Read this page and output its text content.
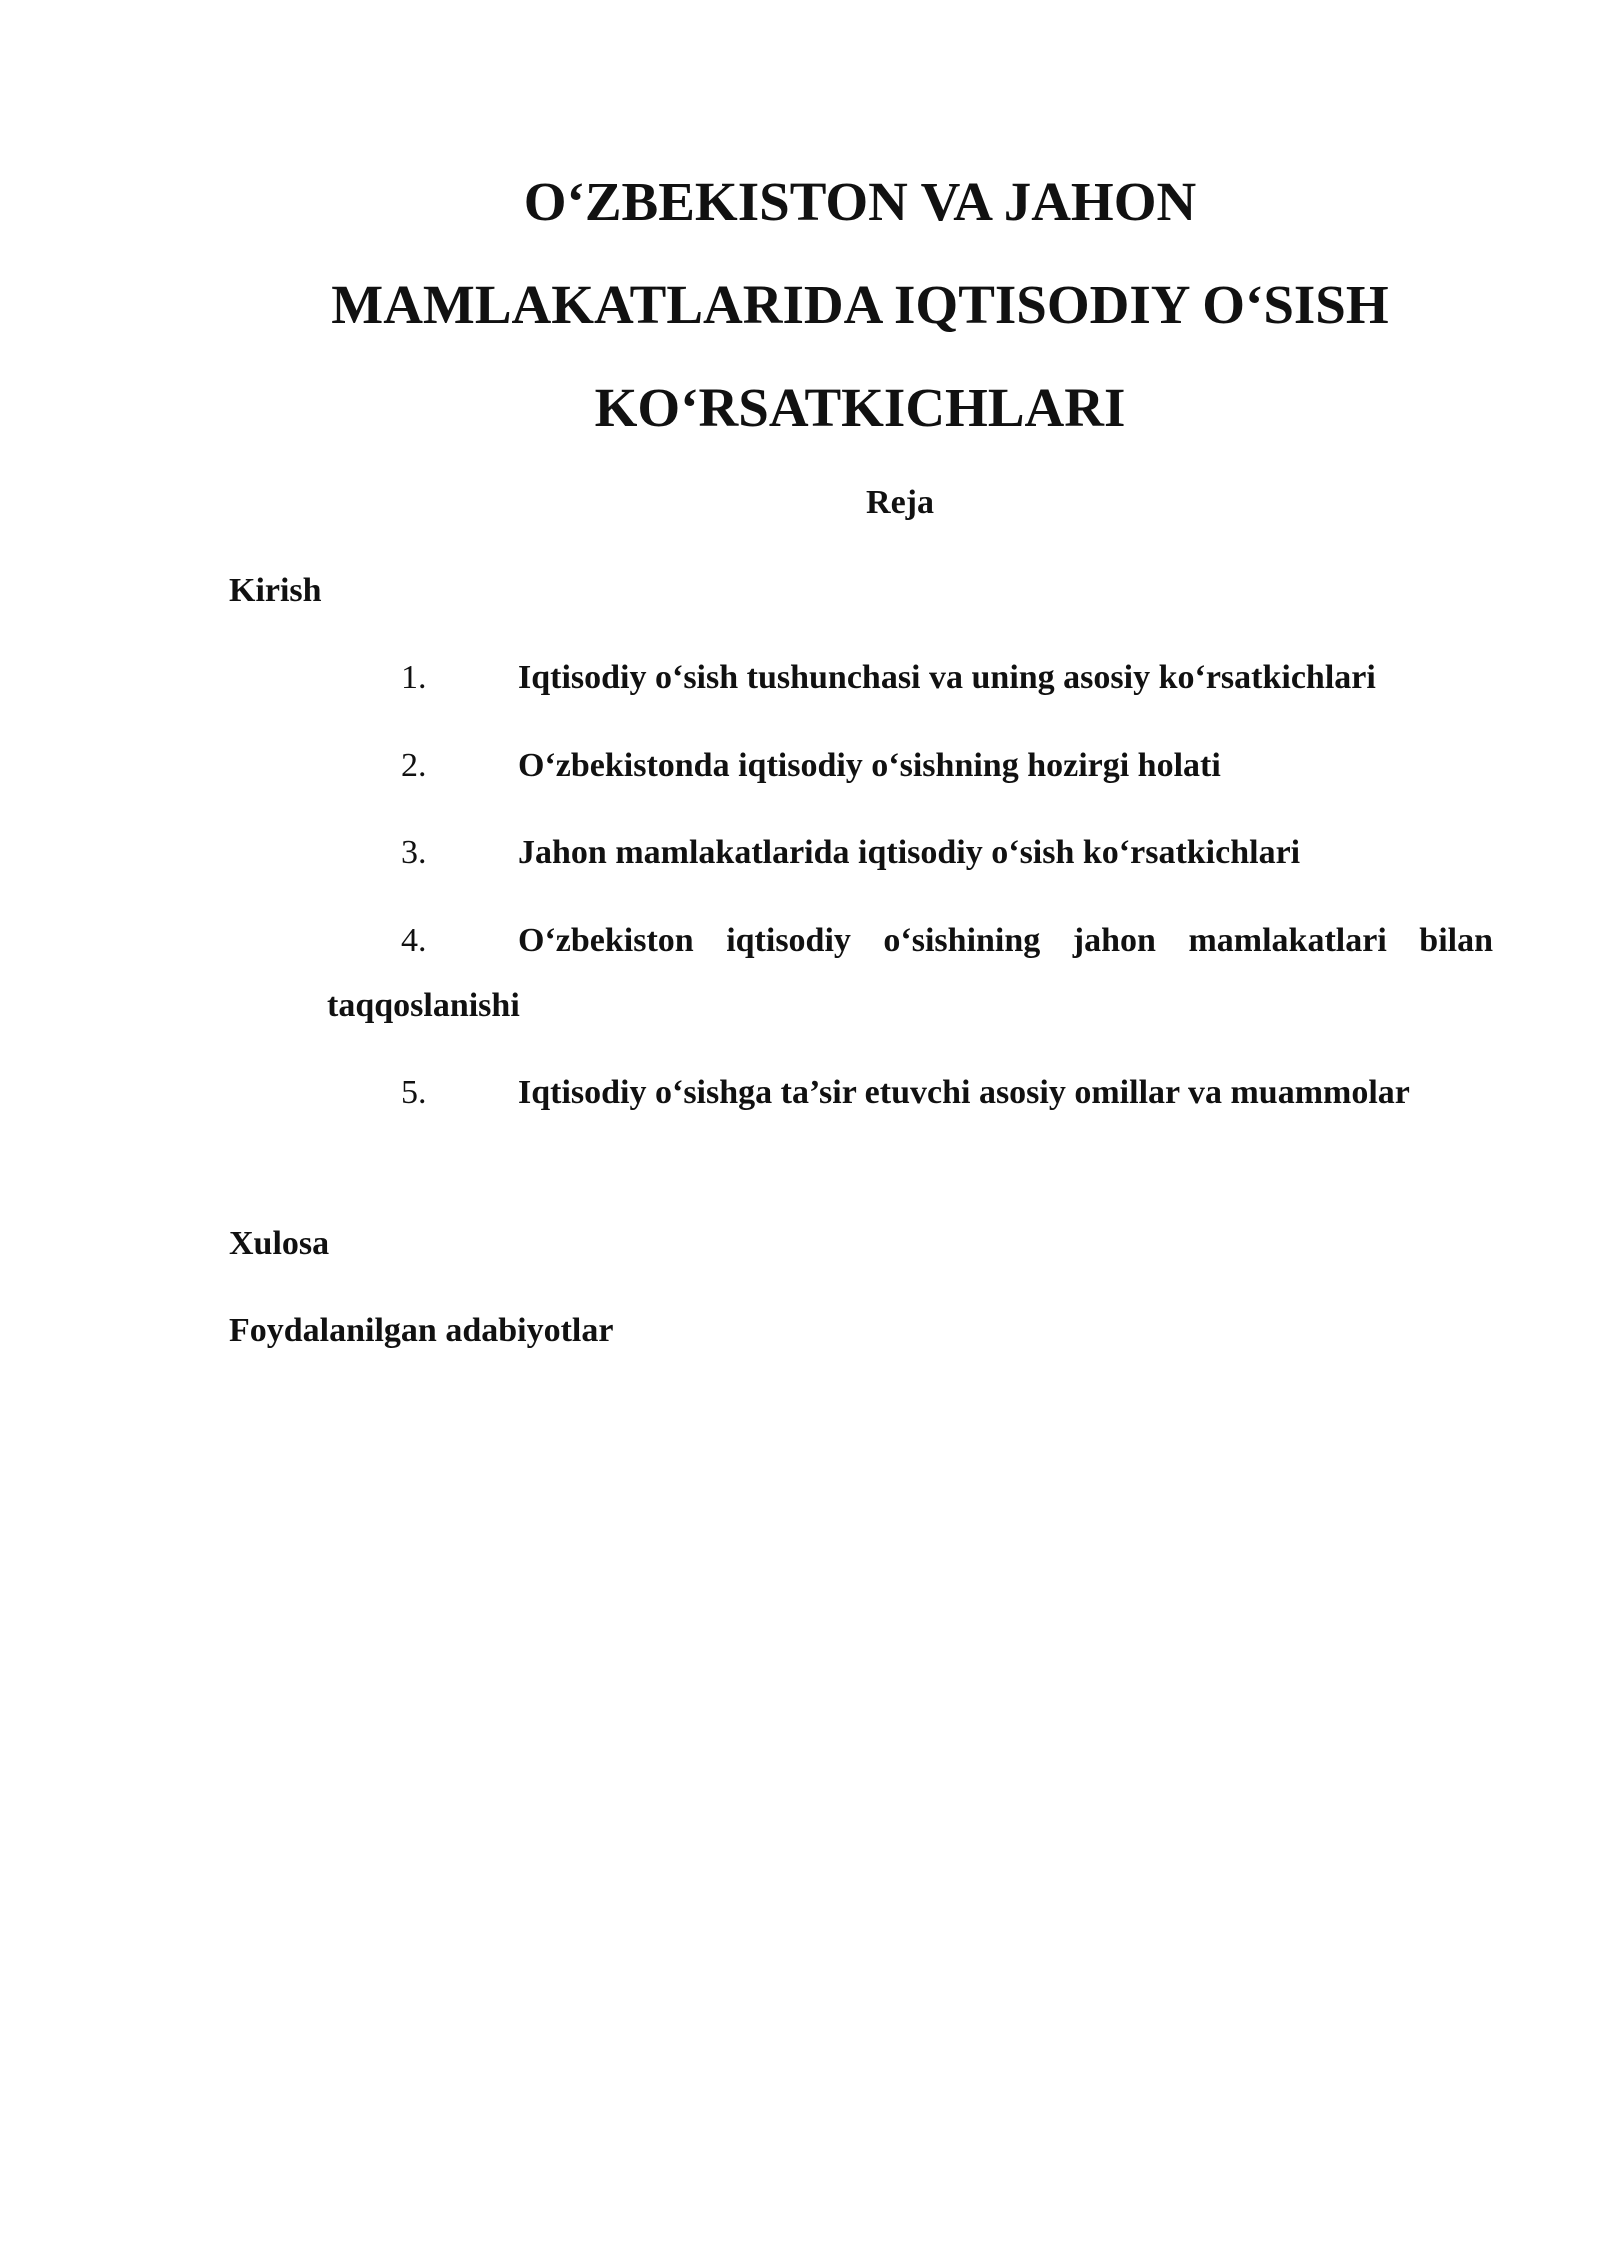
O‘ZBEKISTON VA JAHON
MAMLAKATLARIDA IQTISODIY O‘SISH
KO‘RSATKICHLARI
Reja
Kirish
1.	Iqtisodiy o‘sish tushunchasi va uning asosiy ko‘rsatkichlari
2.	O‘zbekistonda iqtisodiy o‘sishning hozirgi holati
3.	Jahon mamlakatlarida iqtisodiy o‘sish ko‘rsatkichlari
4.	O‘zbekiston iqtisodiy o‘sishining jahon mamlakatlari bilan taqqoslanishi
5.	Iqtisodiy o‘sishga ta’sir etuvchi asosiy omillar va muammolar
Xulosa
Foydalanilgan adabiyotlar
